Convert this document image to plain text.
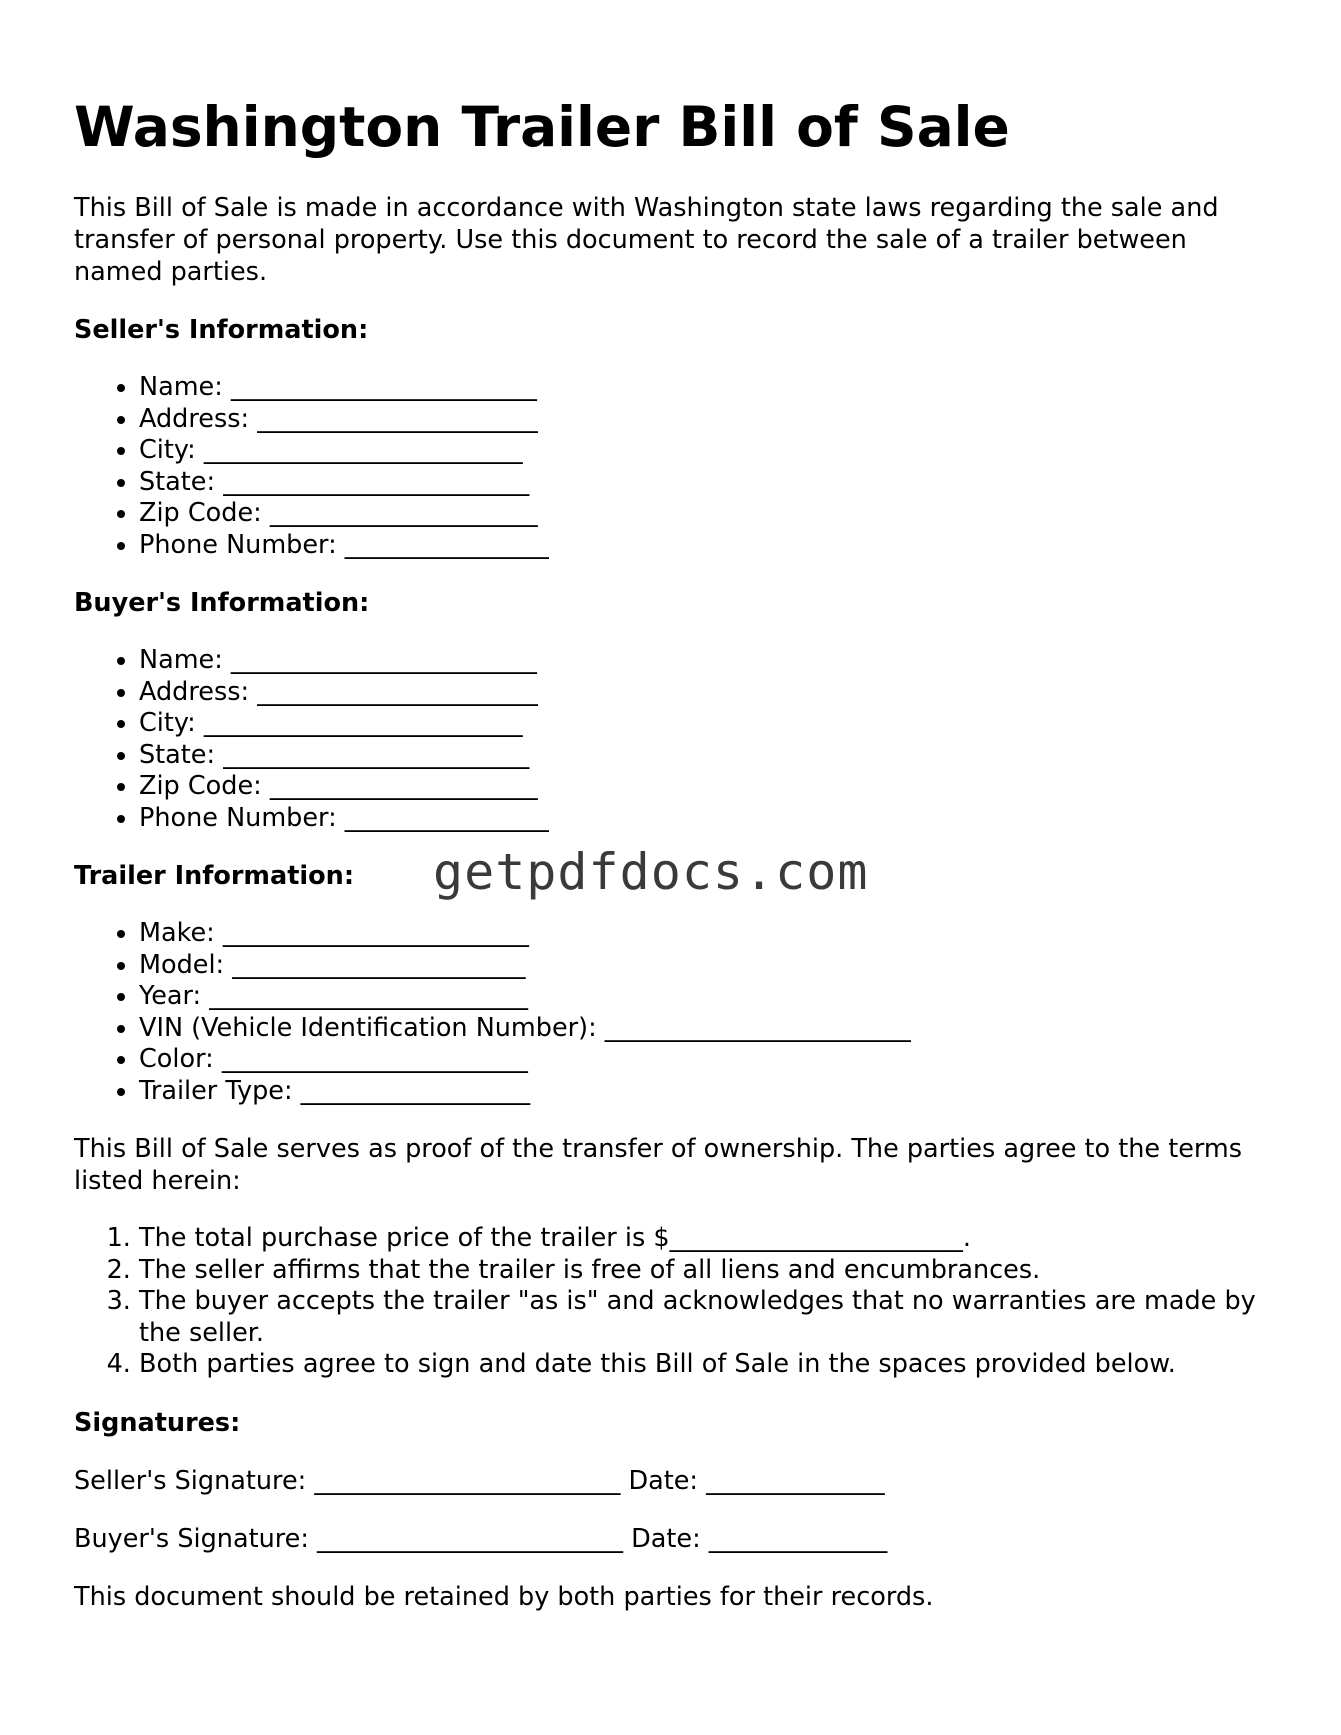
Washington Trailer Bill of Sale

This Bill of Sale is made in accordance with Washington state laws regarding the sale and transfer of personal property. Use this document to record the sale of a trailer between named parties.

Seller's Information:
• Name: ________________________
• Address: ______________________
• City: _________________________
• State: ________________________
• Zip Code: _____________________
• Phone Number: ________________
Buyer's Information:
• Name: ________________________
• Address: ______________________
• City: _________________________
• State: ________________________
• Zip Code: _____________________
• Phone Number: ________________
Trailer Information:
• Make: ________________________
• Model: _______________________
• Year: _________________________
• VIN (Vehicle Identification Number): ________________________
• Color: ________________________
• Trailer Type: __________________

This Bill of Sale serves as proof of the transfer of ownership. The parties agree to the terms listed herein:

1. The total purchase price of the trailer is $_______________________.
2. The seller affirms that the trailer is free of all liens and encumbrances.
3. The buyer accepts the trailer "as is" and acknowledges that no warranties are made by the seller.
4. Both parties agree to sign and date this Bill of Sale in the spaces provided below.
Signatures:
Seller's Signature: ________________________ Date: ______________
Buyer's Signature: ________________________ Date: ______________

This document should be retained by both parties for their records.

getpdfdocs.com
